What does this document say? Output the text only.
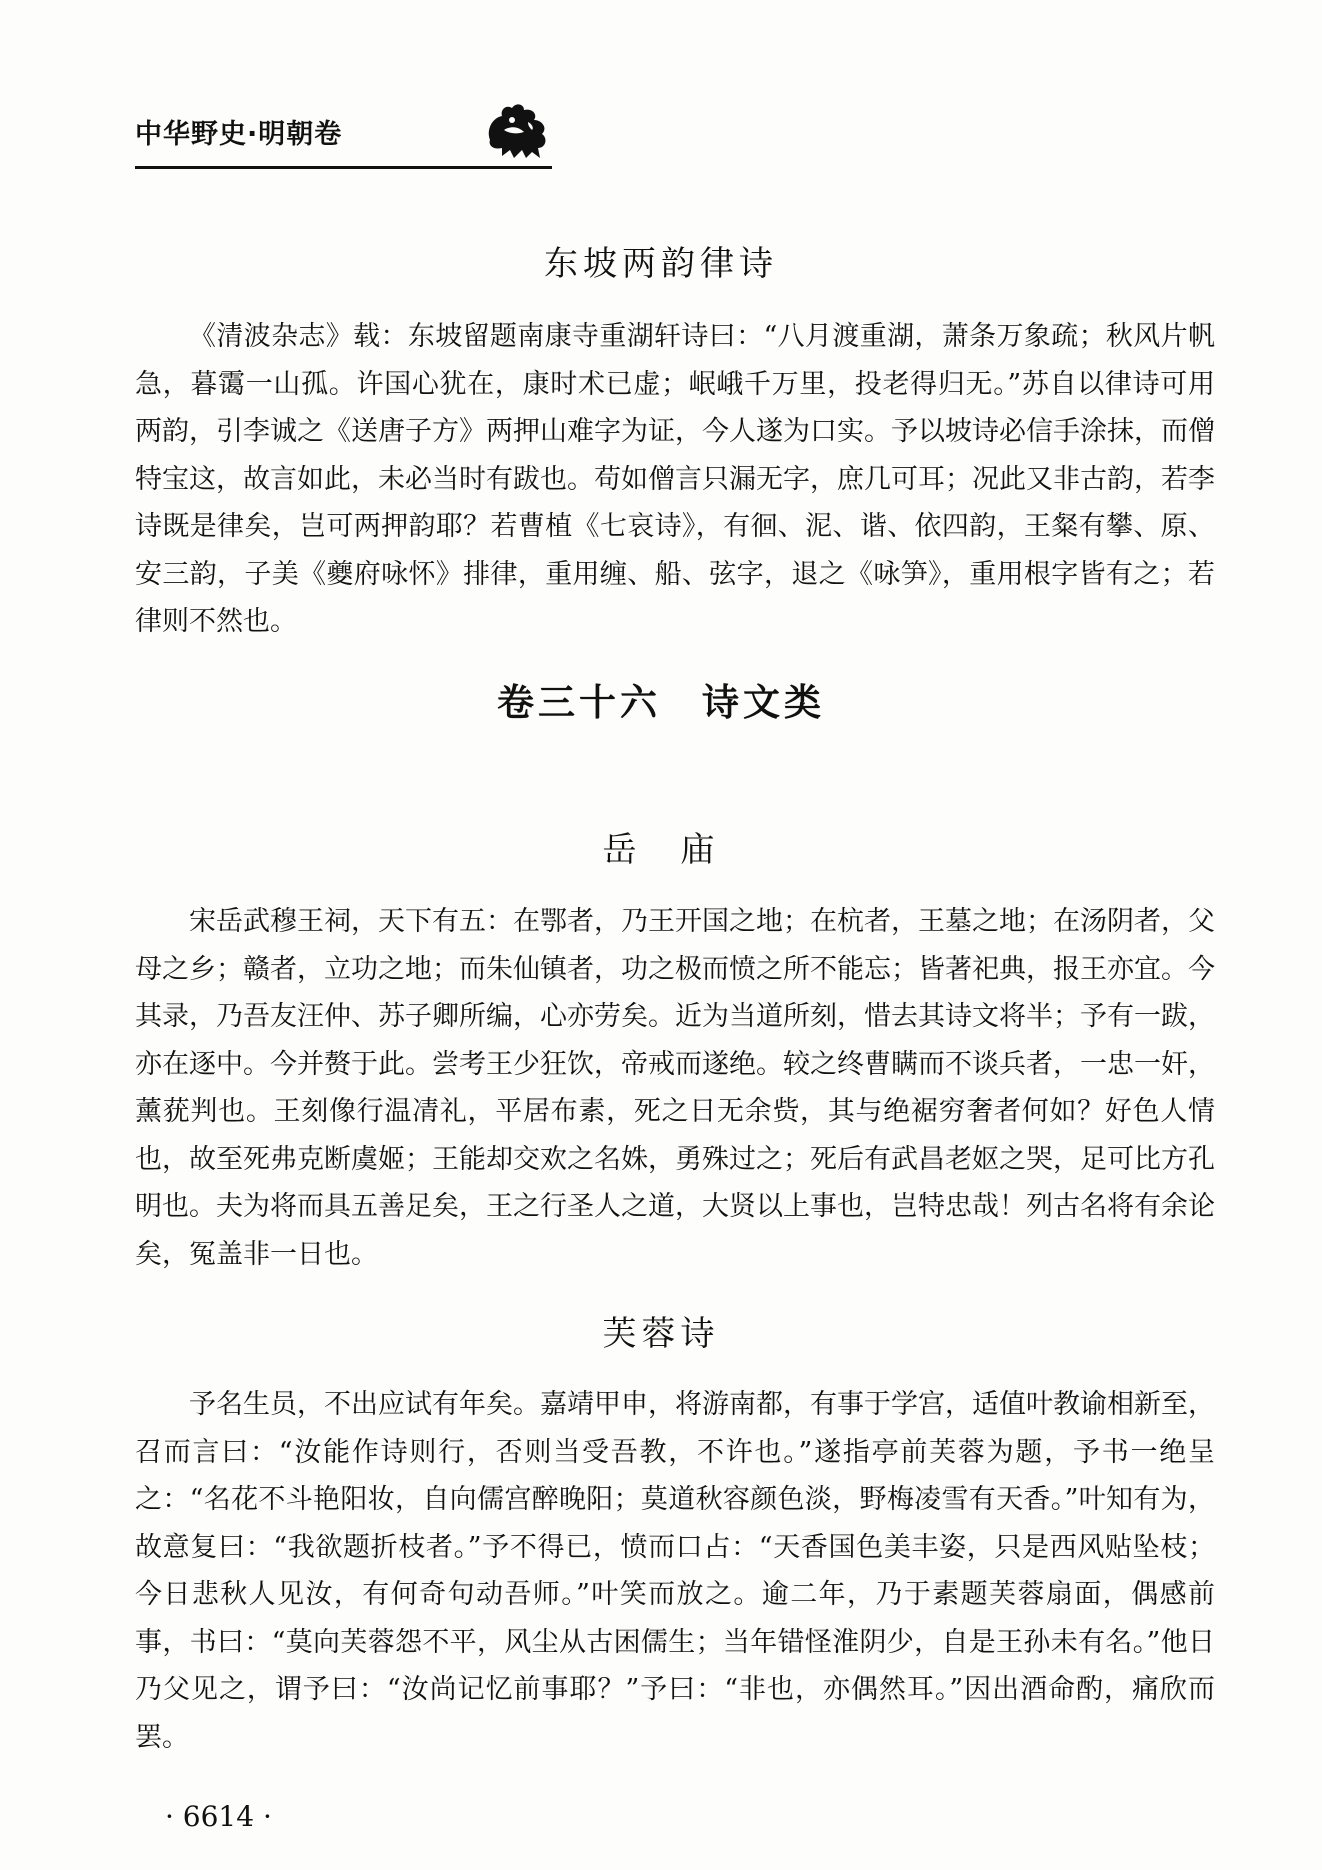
中华野史·明朝卷
东坡两韵律诗

《清波杂志》载：东坡留题南康寺重湖轩诗曰：“八月渡重湖，萧条万象疏；秋风片帆急，暮霭一山孤。许国心犹在，康时术已虚；岷峨千万里，投老得归无。”苏自以律诗可用两韵，引李诚之《送唐子方》两押山难字为证，今人遂为口实。予以坡诗必信手涂抹，而僧特宝这，故言如此，未必当时有跋也。苟如僧言只漏无字，庶几可耳；况此又非古韵，若李诗既是律矣，岂可两押韵耶？若曹植《七哀诗》，有徊、泥、谐、依四韵，王粲有攀、原、安三韵，子美《夔府咏怀》排律，重用缠、船、弦字，退之《咏笋》，重用根字皆有之；若律则不然也。

卷三十六　诗文类
岳　庙

宋岳武穆王祠，天下有五：在鄂者，乃王开国之地；在杭者，王墓之地；在汤阴者，父母之乡；赣者，立功之地；而朱仙镇者，功之极而愤之所不能忘；皆著祀典，报王亦宜。今其录，乃吾友汪仲、苏子卿所编，心亦劳矣。近为当道所刻，惜去其诗文将半；予有一跋，亦在逐中。今并赘于此。尝考王少狂饮，帝戒而遂绝。较之终曹瞒而不谈兵者，一忠一奸，薰莸判也。王刻像行温凊礼，平居布素，死之日无余赀，其与绝裾穷奢者何如？好色人情也，故至死弗克断虞姬；王能却交欢之名姝，勇殊过之；死后有武昌老妪之哭，足可比方孔明也。夫为将而具五善足矣，王之行圣人之道，大贤以上事也，岂特忠哉！列古名将有余论矣，冤盖非一日也。

芙蓉诗

予名生员，不出应试有年矣。嘉靖甲申，将游南都，有事于学宫，适值叶教谕相新至，召而言曰：“汝能作诗则行，否则当受吾教，不许也。”遂指亭前芙蓉为题，予书一绝呈之：“名花不斗艳阳妆，自向儒宫醉晚阳；莫道秋容颜色淡，野梅凌雪有天香。”叶知有为，故意复曰：“我欲题折枝者。”予不得已，愤而口占：“天香国色美丰姿，只是西风贴坠枝；今日悲秋人见汝，有何奇句动吾师。”叶笑而放之。逾二年，乃于素题芙蓉扇面，偶感前事，书曰：“莫向芙蓉怨不平，风尘从古困儒生；当年错怪淮阴少，自是王孙未有名。”他日乃父见之，谓予曰：“汝尚记忆前事耶？”予曰：“非也，亦偶然耳。”因出酒命酌，痛欣而罢。

· 6614 ·
